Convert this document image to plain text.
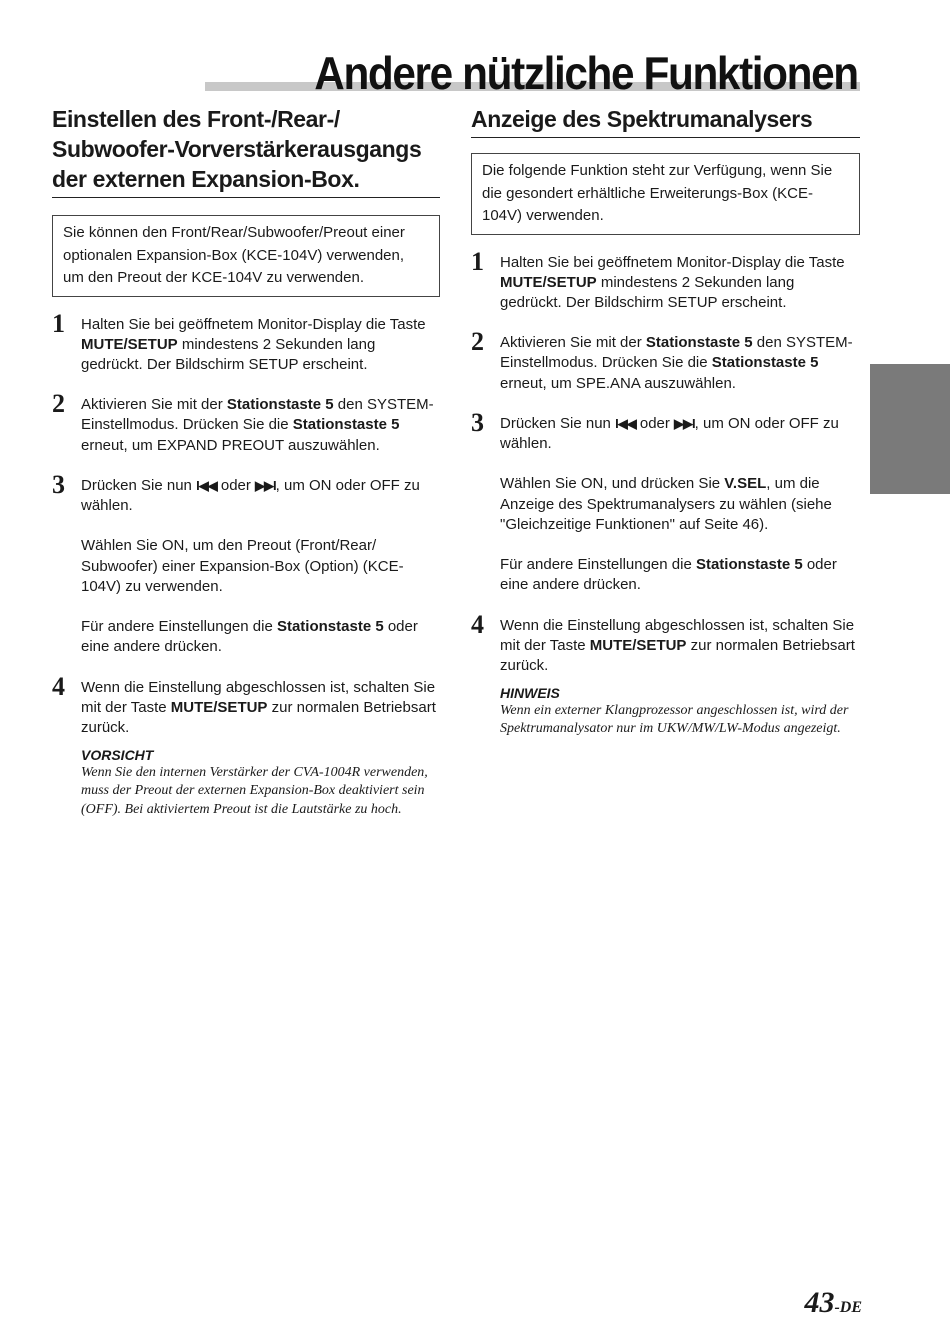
Andere nützliche Funktionen
Einstellen des Front-/Rear-/
Subwoofer-Vorverstärkerausgangs
der externen Expansion-Box.
Sie können den Front/Rear/Subwoofer/Preout einer optionalen Expansion-Box (KCE-104V) verwenden, um den Preout der KCE-104V zu verwenden.
1 Halten Sie bei geöffnetem Monitor-Display die Taste MUTE/SETUP mindestens 2 Sekunden lang gedrückt. Der Bildschirm SETUP erscheint.

2 Aktivieren Sie mit der Stationstaste 5 den SYSTEM-Einstellmodus. Drücken Sie die Stationstaste 5 erneut, um EXPAND PREOUT auszuwählen.

3 Drücken Sie nun I◀◀ oder ▶▶I, um ON oder OFF zu wählen.

Wählen Sie ON, um den Preout (Front/Rear/ Subwoofer) einer Expansion-Box (Option) (KCE-104V) zu verwenden.

Für andere Einstellungen die Stationstaste 5 oder eine andere drücken.

4 Wenn die Einstellung abgeschlossen ist, schalten Sie mit der Taste MUTE/SETUP zur normalen Betriebsart zurück.

VORSICHT
Wenn Sie den internen Verstärker der CVA-1004R verwenden, muss der Preout der externen Expansion-Box deaktiviert sein (OFF). Bei aktiviertem Preout ist die Lautstärke zu hoch.
Anzeige des Spektrumanalysers
Die folgende Funktion steht zur Verfügung, wenn Sie die gesondert erhältliche Erweiterungs-Box (KCE-104V) verwenden.
1 Halten Sie bei geöffnetem Monitor-Display die Taste MUTE/SETUP mindestens 2 Sekunden lang gedrückt. Der Bildschirm SETUP erscheint.

2 Aktivieren Sie mit der Stationstaste 5 den SYSTEM-Einstellmodus. Drücken Sie die Stationstaste 5 erneut, um SPE.ANA auszuwählen.

3 Drücken Sie nun I◀◀ oder ▶▶I, um ON oder OFF zu wählen.

Wählen Sie ON, und drücken Sie V.SEL, um die Anzeige des Spektrumanalysers zu wählen (siehe "Gleichzeitige Funktionen" auf Seite 46).

Für andere Einstellungen die Stationstaste 5 oder eine andere drücken.

4 Wenn die Einstellung abgeschlossen ist, schalten Sie mit der Taste MUTE/SETUP zur normalen Betriebsart zurück.

HINWEIS
Wenn ein externer Klangprozessor angeschlossen ist, wird der Spektrumanalysator nur im UKW/MW/LW-Modus angezeigt.
43-DE
